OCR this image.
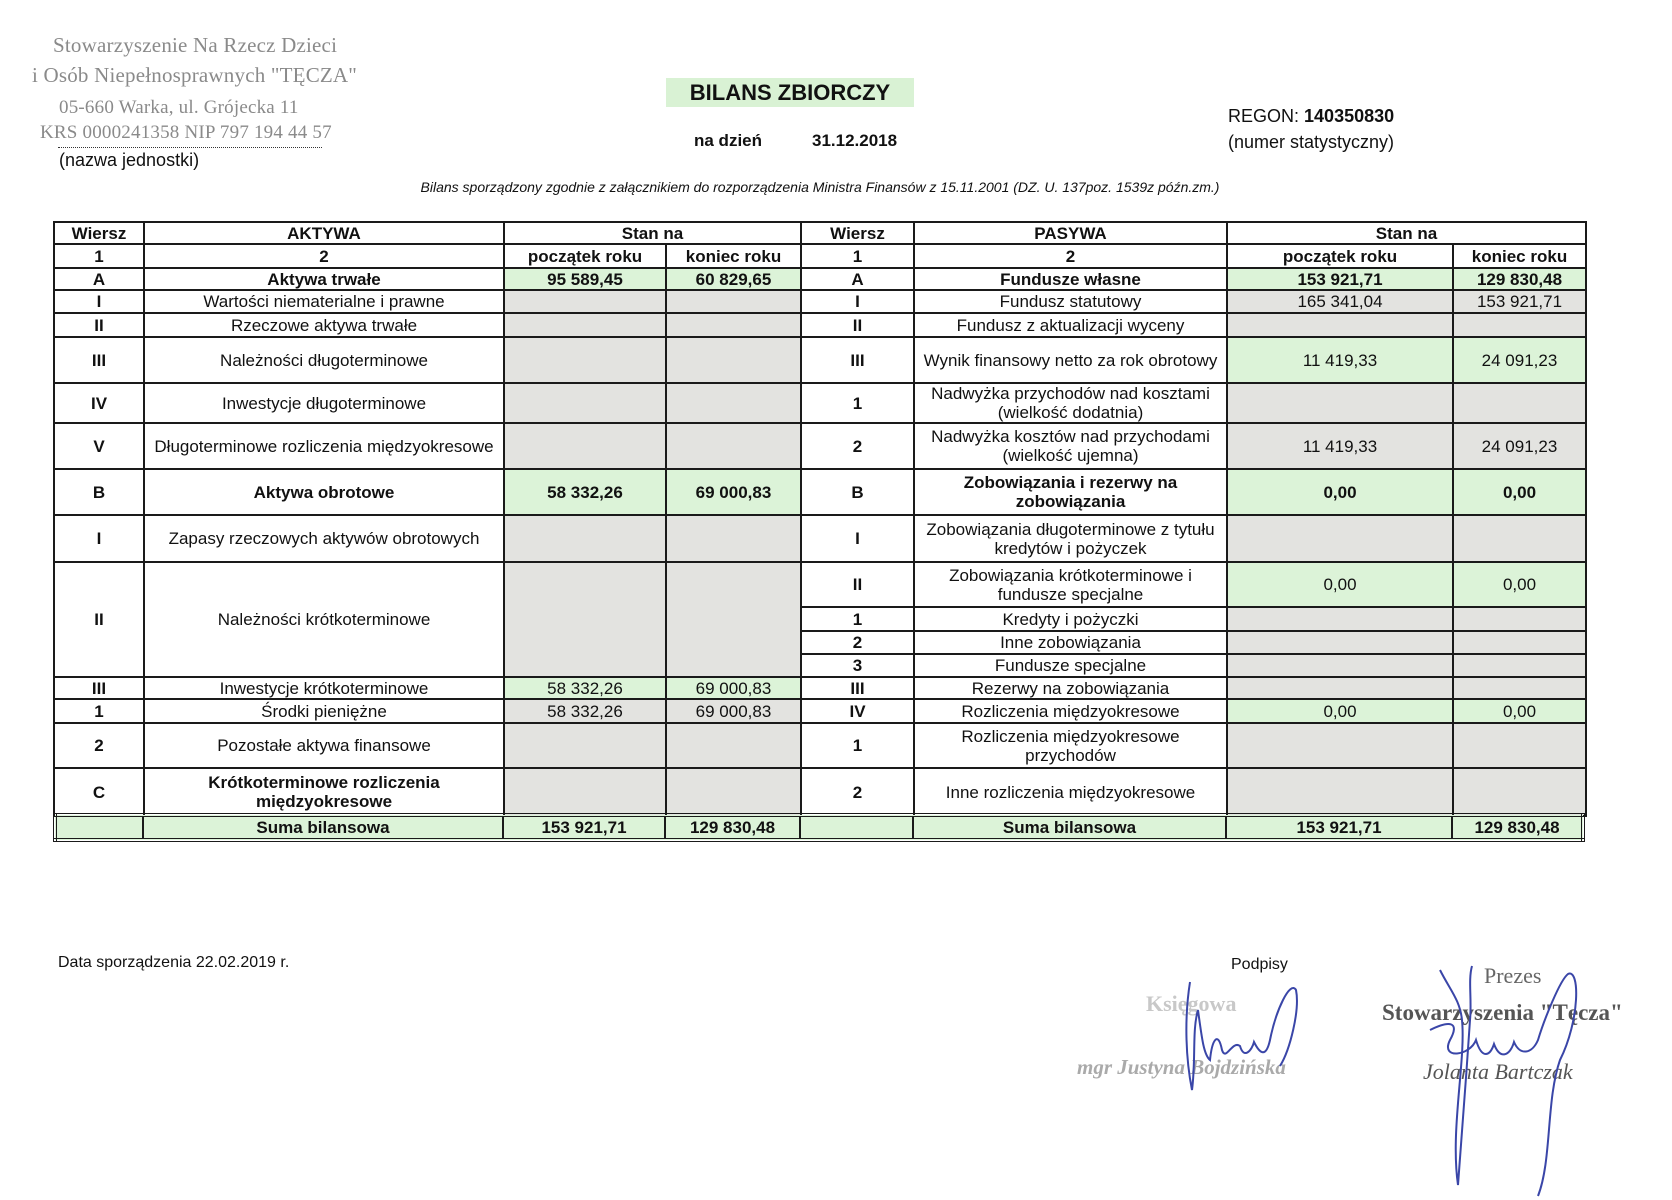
Stowarzyszenie Na Rzecz Dzieci
i Osób Niepełnosprawnych "TĘCZA"
05-660 Warka, ul. Grójecka 11
KRS 0000241358 NIP 797 194 44 57
(nazwa jednostki)
BILANS ZBIORCZY
na dzień	31.12.2018
REGON: 140350830
(numer statystyczny)
Bilans sporządzony zgodnie z załącznikiem do rozporządzenia Ministra Finansów z 15.11.2001 (DZ. U. 137poz. 1539z późn.zm.)
Wiersz	AKTYWA	Stan na		Wiersz	PASYWA	Stan na	
1	2	początek roku	koniec roku	1	2	początek roku	koniec roku
A	Aktywa trwałe	95 589,45	60 829,65	A	Fundusze własne	153 921,71	129 830,48
I	Wartości niematerialne i prawne			I	Fundusz statutowy	165 341,04	153 921,71
II	Rzeczowe aktywa trwałe			II	Fundusz z aktualizacji wyceny		
III	Należności długoterminowe			III	Wynik finansowy netto za rok obrotowy	11 419,33	24 091,23
IV	Inwestycje długoterminowe			1	Nadwyżka przychodów nad kosztami (wielkość dodatnia)		
V	Długoterminowe rozliczenia międzyokresowe			2	Nadwyżka kosztów nad przychodami (wielkość ujemna)	11 419,33	24 091,23
B	Aktywa obrotowe	58 332,26	69 000,83	B	Zobowiązania i rezerwy na zobowiązania	0,00	0,00
I	Zapasy rzeczowych aktywów obrotowych			I	Zobowiązania długoterminowe z tytułu kredytów i pożyczek		
II	Należności krótkoterminowe			II	Zobowiązania krótkoterminowe i fundusze specjalne	0,00	0,00
				1	Kredyty i pożyczki		
				2	Inne zobowiązania		
				3	Fundusze specjalne		
III	Inwestycje krótkoterminowe	58 332,26	69 000,83	III	Rezerwy na zobowiązania		
1	Środki pieniężne	58 332,26	69 000,83	IV	Rozliczenia międzyokresowe	0,00	0,00
2	Pozostałe aktywa finansowe			1	Rozliczenia międzyokresowe przychodów		
C	Krótkoterminowe rozliczenia międzyokresowe			2	Inne rozliczenia międzyokresowe		
	Suma bilansowa	153 921,71	129 830,48		Suma bilansowa	153 921,71	129 830,48
Data sporządzenia 22.02.2019 r.	Podpisy
Księgowa
mgr Justyna Bojdzińska
Prezes
Stowarzyszenia "Tęcza"
Jolanta Bartczak
